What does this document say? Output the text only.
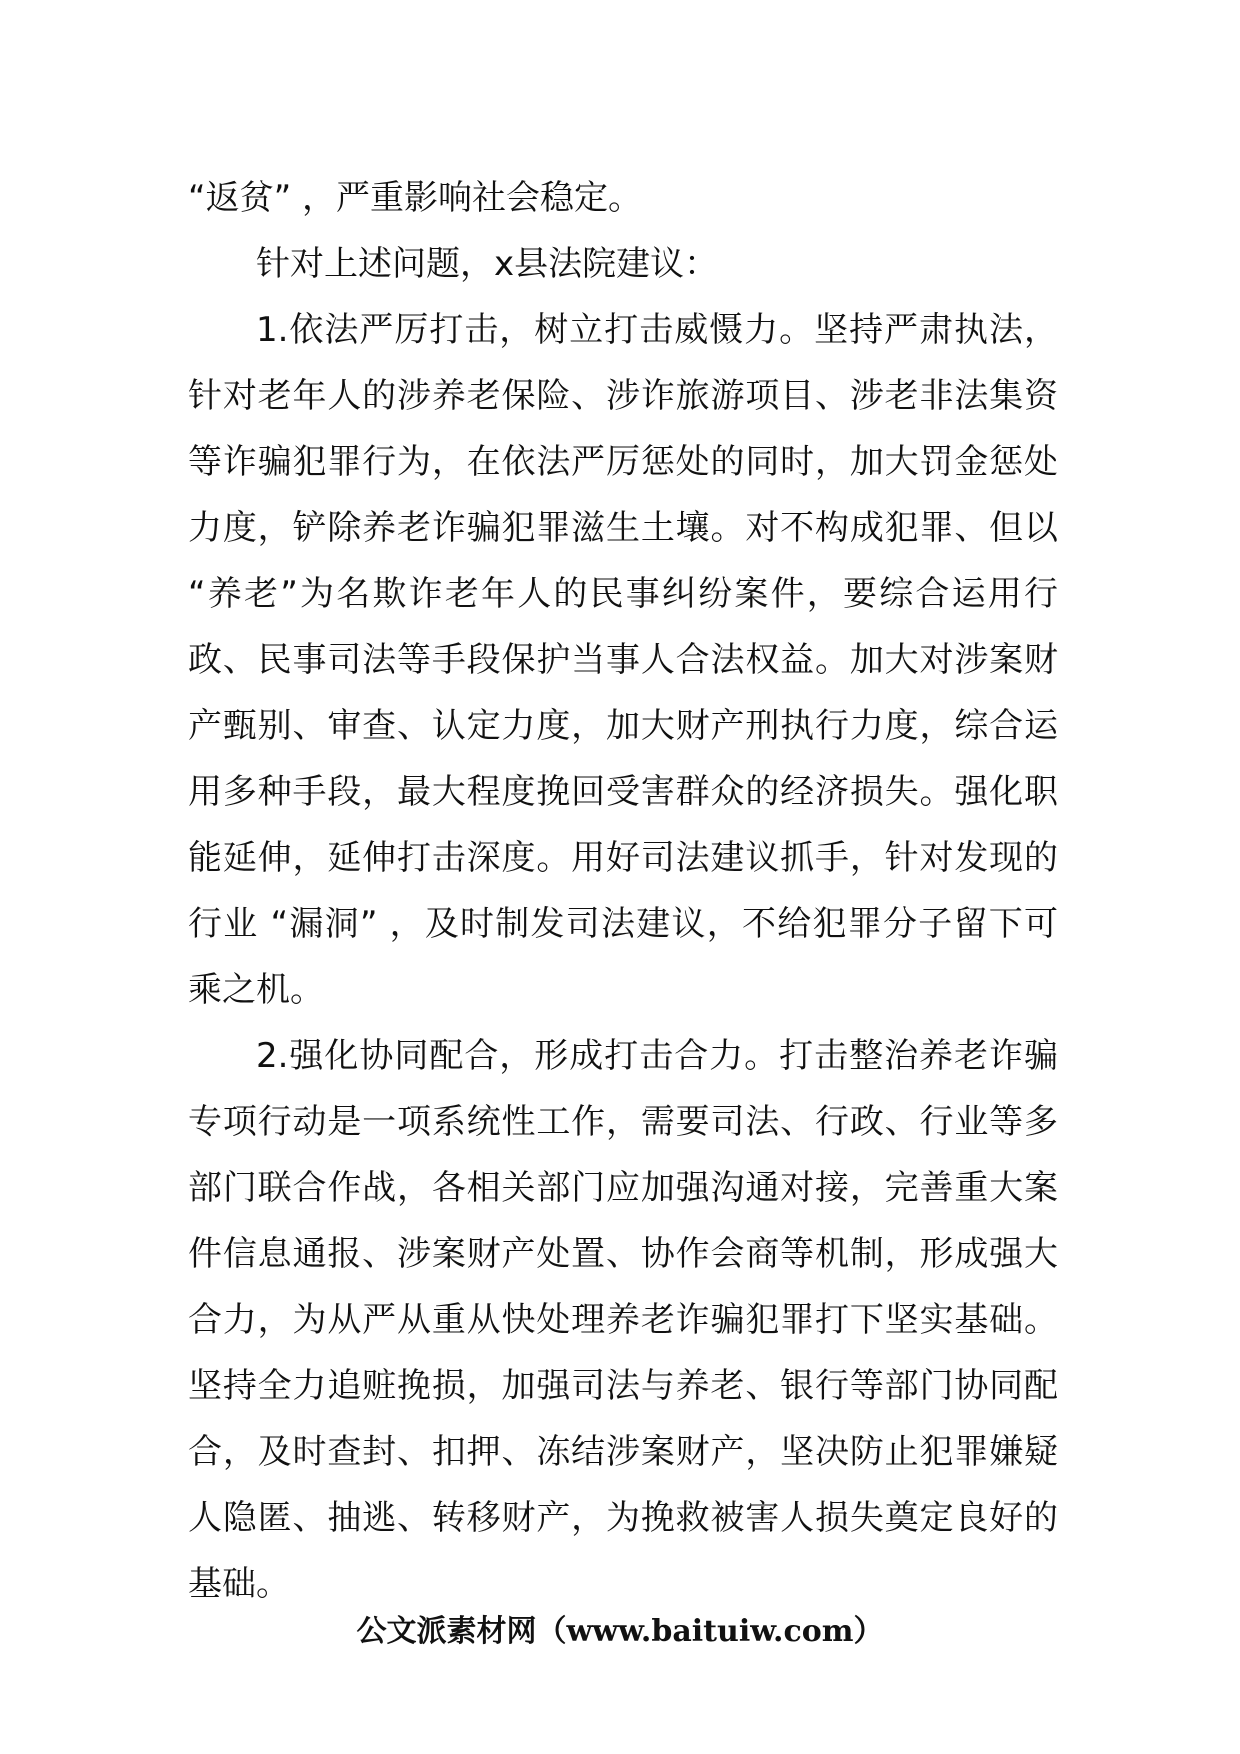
“返贫” ，严重影响社会稳定。

针对上述问题，x县法院建议：

1.依法严厉打击，树立打击威慑力。坚持严肃执法，针对老年人的涉养老保险、涉诈旅游项目、涉老非法集资等诈骗犯罪行为，在依法严厉惩处的同时，加大罚金惩处力度，铲除养老诈骗犯罪滋生土壤。对不构成犯罪、但以 “养老”为名欺诈老年人的民事纠纷案件，要综合运用行政、民事司法等手段保护当事人合法权益。加大对涉案财产甄别、审查、认定力度，加大财产刑执行力度，综合运用多种手段，最大程度挽回受害群众的经济损失。强化职能延伸，延伸打击深度。用好司法建议抓手，针对发现的行业 “漏洞” ，及时制发司法建议，不给犯罪分子留下可乘之机。

2.强化协同配合，形成打击合力。打击整治养老诈骗专项行动是一项系统性工作，需要司法、行政、行业等多部门联合作战，各相关部门应加强沟通对接，完善重大案件信息通报、涉案财产处置、协作会商等机制，形成强大合力，为从严从重从快处理养老诈骗犯罪打下坚实基础。坚持全力追赃挽损，加强司法与养老、银行等部门协同配合，及时查封、扣押、冻结涉案财产，坚决防止犯罪嫌疑人隐匿、抽逃、转移财产，为挽救被害人损失奠定良好的基础。

公文派素材网（www.baituiw.com）
